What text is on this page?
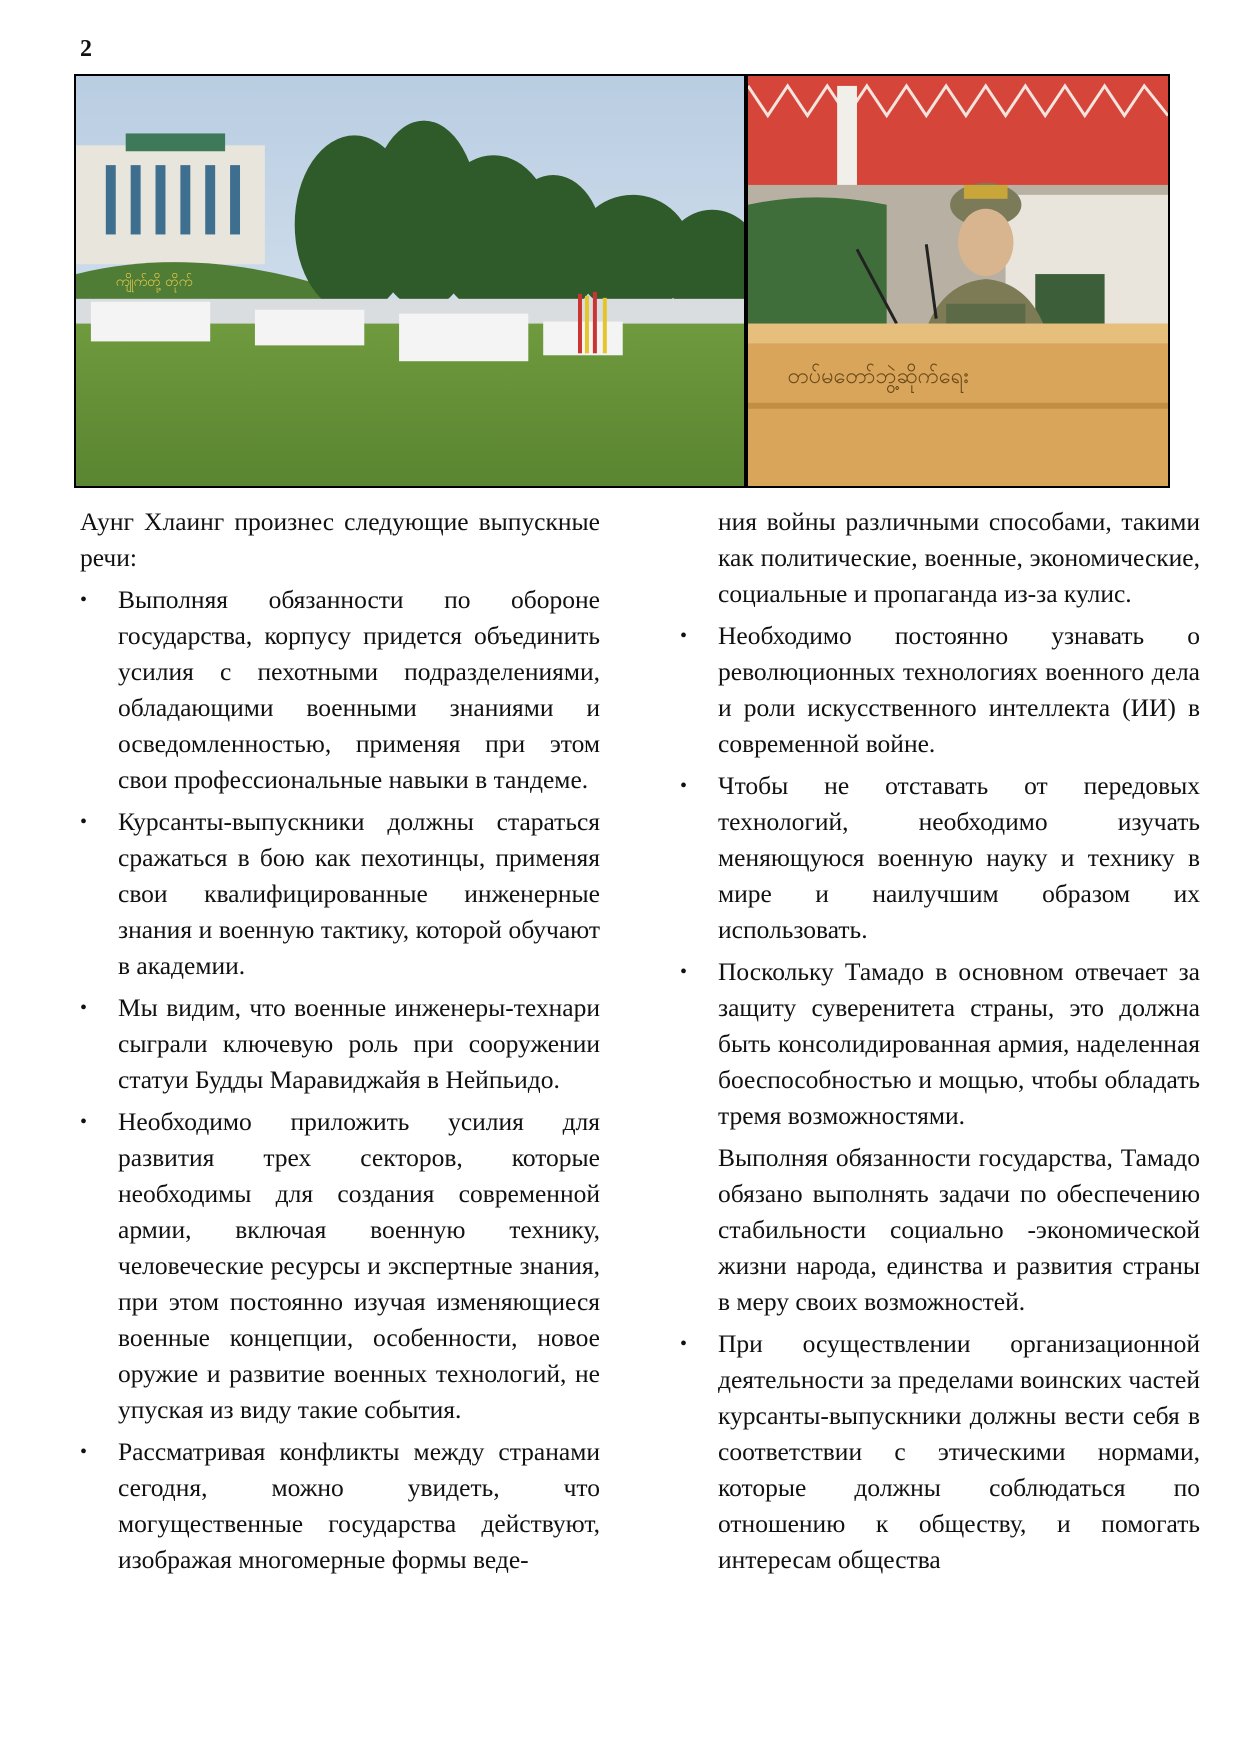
2
ကျိုက်တို့ တိုက်
တပ်မတော်ဘွဲ့ဆိုက်ရေး

Аунг Хлаинг произнес следующие выпускные речи:

•	Выполняя обязанности по обороне государства, корпусу придется объединить усилия с пехотными подразделениями, обладающими военными знаниями и осведомленностью, применяя при этом свои профессиональные навыки в тандеме.
•	Курсанты-выпускники должны стараться сражаться в бою как пехотинцы, применяя свои квалифицированные инженерные знания и военную тактику, которой обучают в академии.
•	Мы видим, что военные инженеры-технари сыграли ключевую роль при сооружении статуи Будды Маравиджайя в Нейпьидо.
•	Необходимо приложить усилия для развития трех секторов, которые необходимы для создания современной армии, включая военную технику, человеческие ресурсы и экспертные знания, при этом постоянно изучая изменяющиеся военные концепции, особенности, новое оружие и развитие военных технологий, не упуская из виду такие события.
•	Рассматривая конфликты между странами сегодня, можно увидеть, что могущественные государства действуют, изображая многомерные формы веде-

ния войны различными способами, такими как политические, военные, экономические, социальные и пропаганда из-за кулис.

•	Необходимо постоянно узнавать о революционных технологиях военного дела и роли искусственного интеллекта (ИИ) в современной войне.
•	Чтобы не отставать от передовых технологий, необходимо изучать меняющуюся военную науку и технику в мире и наилучшим образом их использовать.
•	Поскольку Тамадо в основном отвечает за защиту суверенитета страны, это должна быть консолидированная армия, наделенная боеспособностью и мощью, чтобы обладать тремя возможностями.

Выполняя обязанности государства, Тамадо обязано выполнять задачи по обеспечению стабильности социально -экономической жизни народа, единства и развития страны в меру своих возможностей.

•	При осуществлении организационной деятельности за пределами воинских частей курсанты-выпускники должны вести себя в соответствии с этическими нормами, которые должны соблюдаться по отношению к обществу, и помогать интересам общества
